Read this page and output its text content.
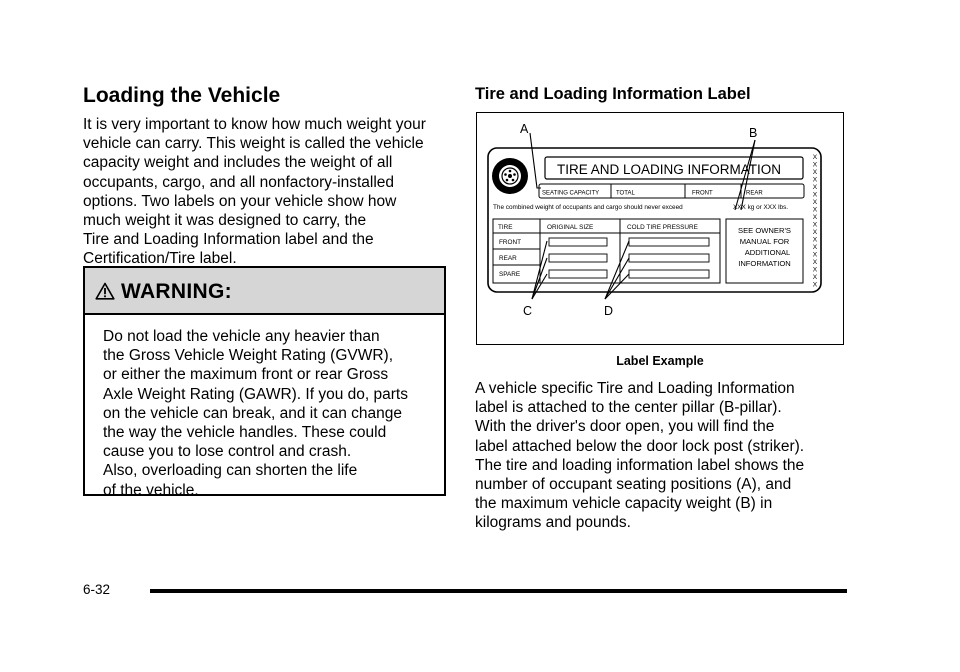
Loading the Vehicle
It is very important to know how much weight your
vehicle can carry. This weight is called the vehicle
capacity weight and includes the weight of all
occupants, cargo, and all nonfactory-installed
options. Two labels on your vehicle show how
much weight it was designed to carry, the
Tire and Loading Information label and the
Certification/Tire label.
WARNING:
Do not load the vehicle any heavier than
the Gross Vehicle Weight Rating (GVWR),
or either the maximum front or rear Gross
Axle Weight Rating (GAWR). If you do, parts
on the vehicle can break, and it can change
the way the vehicle handles. These could
cause you to lose control and crash.
Also, overloading can shorten the life
of the vehicle.
Tire and Loading Information Label
TIRE AND LOADING INFORMATION
SEATING CAPACITY	TOTAL	FRONT	REAR
The combined weight of occupants and cargo should never exceed	XXX kg or XXX lbs.
TIRE	ORIGINAL SIZE	COLD TIRE PRESSURE
FRONT
REAR
SPARE
SEE OWNER'S
MANUAL FOR
ADDITIONAL
INFORMATION
X
X
X
X
X
X
X
X
X
X
X
X
X
X
X
X
X
X
A	B
C	D
Label Example
A vehicle specific Tire and Loading Information
label is attached to the center pillar (B-pillar).
With the driver's door open, you will find the
label attached below the door lock post (striker).
The tire and loading information label shows the
number of occupant seating positions (A), and
the maximum vehicle capacity weight (B) in
kilograms and pounds.
6-32
